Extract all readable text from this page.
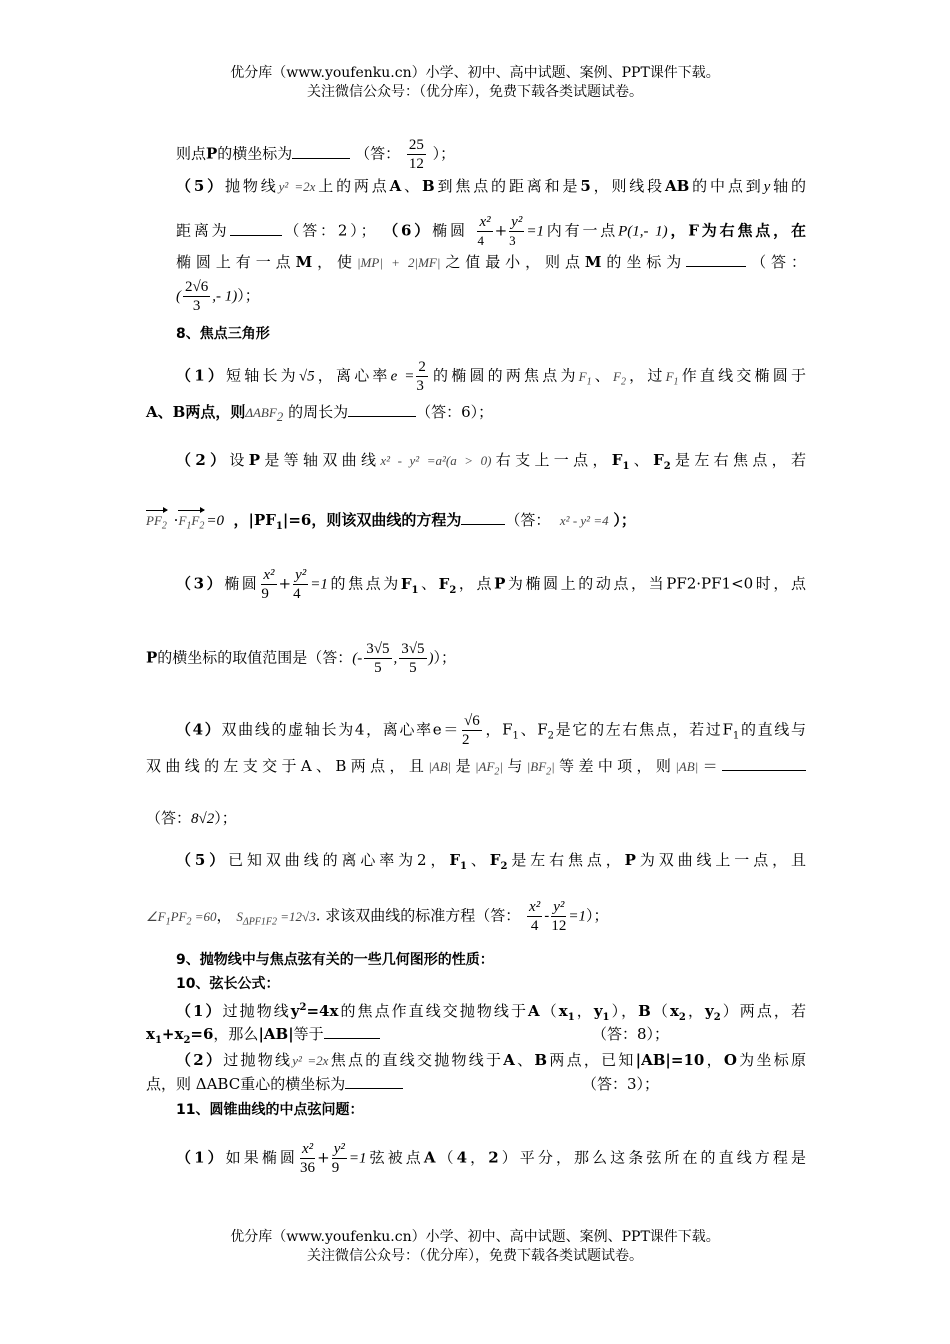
优分库（www.youfenku.cn）小学、初中、高中试题、案例、PPT课件下载。
关注微信公众号：（优分库），免费下载各类试题试卷。
则点P的横坐标为	（答： $\frac{25}{12}$ ）；
（5）抛物线y² =2x上的两点A、B到焦点的距离和是5，则线段AB的中点到y轴的
距离为	（答：2）； （6）椭圆 $\frac{\text{x²}}{4} + \frac{\text{y²}}{3} =1$内有一点P(1,- 1)，F为右焦点，在
椭圆上有一点M，使|MP| + 2|MF|之值最小，则点M的坐标为	（答：
( $\frac{2√6}{3}$ ,- 1)）；
8、焦点三角形
（1）短轴长为√5，离心率$e = \frac{2}{3}$ 的椭圆的两焦点为$F_1$、$F_2$，过$F_1$作直线交椭圆于
A、B两点，则$\Delta ABF_2$ 的周长为	（答：6）；
（2）设P是等轴双曲线x² - y² =a²(a > 0)右支上一点，$F_1$、$F_2$是左右焦点，若
$PF_2 \cdot F_1F_2 =0$ ，$|PF_1|=6$，则该双曲线的方程为	（答： x² - y² =4 ）；
（3）椭圆 $\frac{\text{x²}}{9} + \frac{\text{y²}}{4} =1$的焦点为$F_1$、$F_2$，点P为椭圆上的动点，当PF2·PF1<0时，点
P的横坐标的取值范围是（答：(- $\frac{3√5}{5}$ , $\frac{3√5}{5}$ )）；
（4）双曲线的虚轴长为4，离心率$e= \frac{√6}{2}$ ，$F_1$、$F_2$是它的左右焦点，若过$F_1$的直线与
双曲线的左支交于A、B两点，且|AB|是$|AF_2|$与$|BF_2|$等差中项，则|AB|＝
（答：8√2）；
（5）已知双曲线的离心率为2，$F_1$、$F_2$是左右焦点，P为双曲线上一点，且
$\angle F_1PF_2 =60$， $S_{\Delta PF1F2} =12√3$. 求该双曲线的标准方程（答： $\frac{\text{x²}}{4} - \frac{\text{y²}}{12} =1$）；
9、抛物线中与焦点弦有关的一些几何图形的性质：
10、弦长公式：
（1）过抛物线$y^2=4x$的焦点作直线交抛物线于$A(x_1$，$y_1$），$B(x_2$，$y_2$）两点，若
$x_1+x_2=6$，那么|AB|等于	（答：8）；
（2）过抛物线y² =2x焦点的直线交抛物线于A、B两点，已知|AB|=10，O为坐标原
点，则 ΔABC重心的横坐标为	（答：3）；
11、圆锥曲线的中点弦问题：
（1）如果椭圆 $\frac{\text{x²}}{36} + \frac{\text{y²}}{9} =1$弦被点A（4，2）平分，那么这条弦所在的直线方程是
优分库（www.youfenku.cn）小学、初中、高中试题、案例、PPT课件下载。
关注微信公众号：（优分库），免费下载各类试题试卷。
